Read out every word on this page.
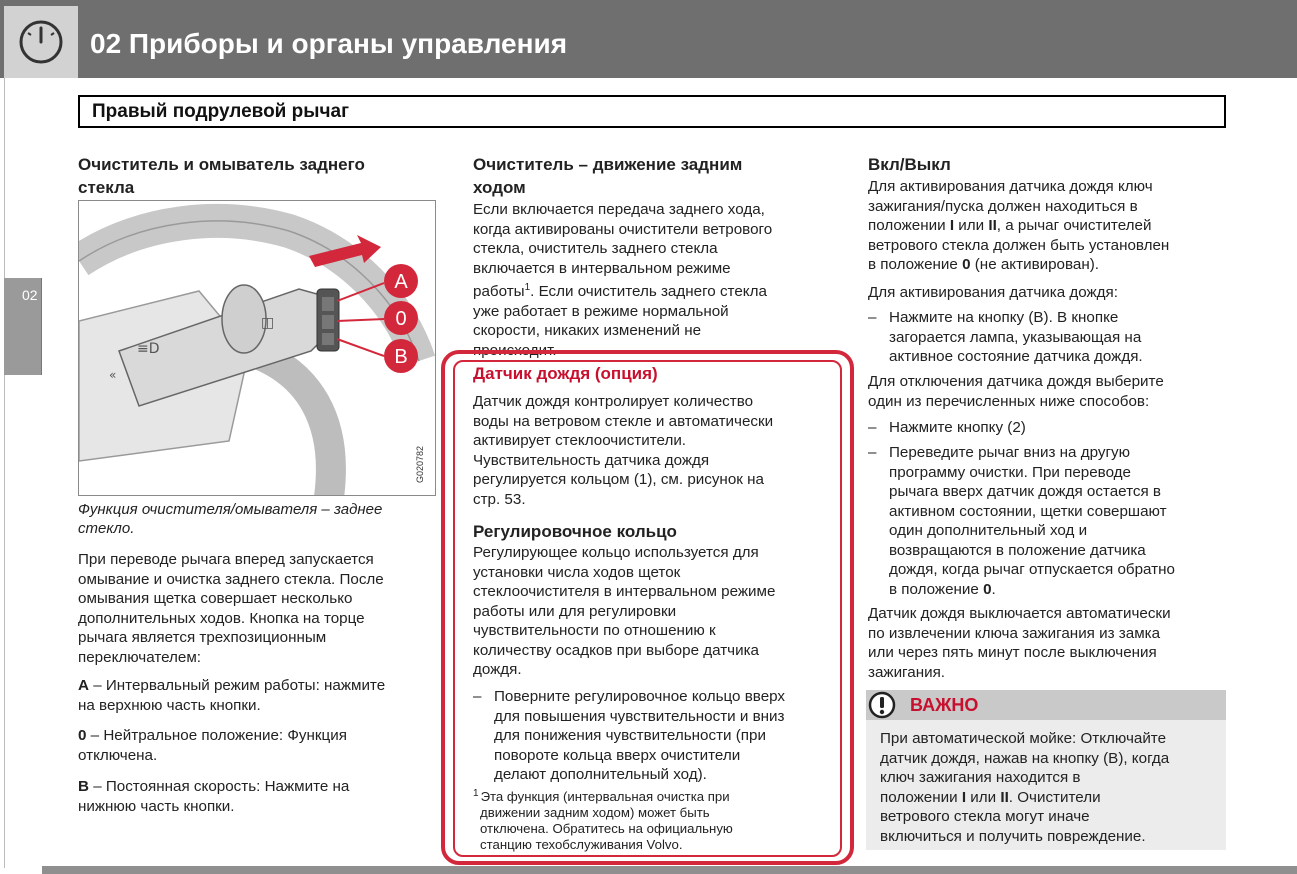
02 Приборы и органы управления
02
Правый подрулевой рычаг
Очиститель и омыватель заднего
стекла
◫
≡D
«
A
0
B
G020782
Функция очистителя/омывателя – заднее
стекло.
При переводе рычага вперед запускается
омывание и очистка заднего стекла. После
омывания щетка совершает несколько
дополнительных ходов. Кнопка на торце
рычага является трехпозиционным
переключателем:
A – Интервальный режим работы: нажмите
на верхнюю часть кнопки.
0 – Нейтральное положение: Функция
отключена.
B – Постоянная скорость: Нажмите на
нижнюю часть кнопки.
Очиститель – движение задним
ходом
Если включается передача заднего хода,
когда активированы очистители ветрового
стекла, очиститель заднего стекла
включается в интервальном режиме
работы$^1$. Если очиститель заднего стекла
уже работает в режиме нормальной
скорости, никаких изменений не
происходит.
Датчик дождя (опция)
Датчик дождя контролирует количество
воды на ветровом стекле и автоматически
активирует стеклоочистители.
Чувствительность датчика дождя
регулируется кольцом (1), см. рисунок на
стр. 53.
Регулировочное кольцо
Регулирующее кольцо используется для
установки числа ходов щеток
стеклоочистителя в интервальном режиме
работы или для регулировки
чувствительности по отношению к
количеству осадков при выборе датчика
дождя.
– Поверните регулировочное кольцо вверх
для повышения чувствительности и вниз
для понижения чувствительности (при
повороте кольца вверх очистители
делают дополнительный ход).
$^1$ Эта функция (интервальная очистка при
движении задним ходом) может быть
отключена. Обратитесь на официальную
станцию техобслуживания Volvo.
Вкл/Выкл
Для активирования датчика дождя ключ
зажигания/пуска должен находиться в
положении I или II, а рычаг очистителей
ветрового стекла должен быть установлен
в положение 0 (не активирован).
Для активирования датчика дождя:
– Нажмите на кнопку (B). В кнопке
загорается лампа, указывающая на
активное состояние датчика дождя.
Для отключения датчика дождя выберите
один из перечисленных ниже способов:
– Нажмите кнопку (2)
– Переведите рычаг вниз на другую
программу очистки. При переводе
рычага вверх датчик дождя остается в
активном состоянии, щетки совершают
один дополнительный ход и
возвращаются в положение датчика
дождя, когда рычаг отпускается обратно
в положение 0.
Датчик дождя выключается автоматически
по извлечении ключа зажигания из замка
или через пять минут после выключения
зажигания.
ВАЖНО
При автоматической мойке: Отключайте
датчик дождя, нажав на кнопку (B), когда
ключ зажигания находится в
положении I или II. Очистители
ветрового стекла могут иначе
включиться и получить повреждение.
